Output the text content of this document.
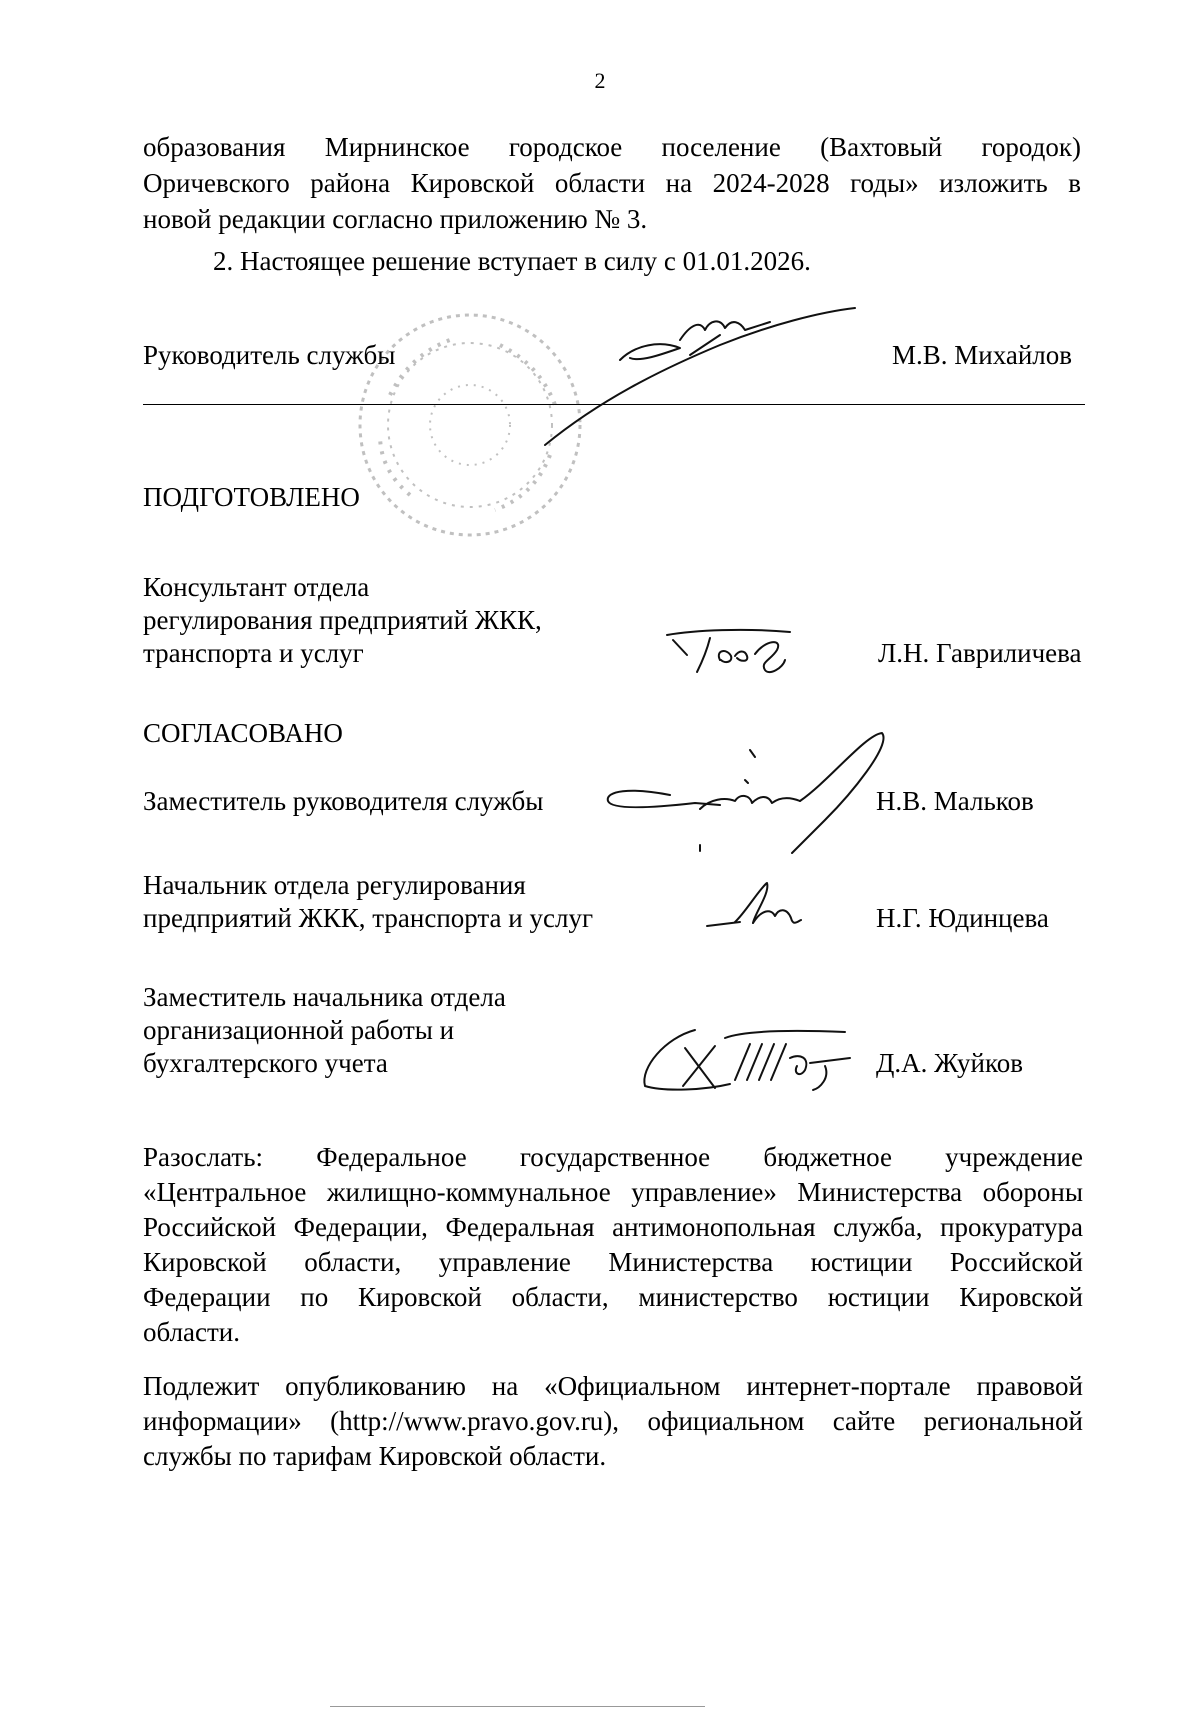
2
образования Мирнинское городское поселение (Вахтовый городок)
Оричевского района Кировской области на 2024-2028 годы» изложить в
новой редакции согласно приложению № 3.
2. Настоящее решение вступает в силу с 01.01.2026.
Руководитель службы	М.В. Михайлов
ПОДГОТОВЛЕНО
Консультант отдела
регулирования предприятий ЖКК,
транспорта и услуг	Л.Н. Гавриличева
СОГЛАСОВАНО
Заместитель руководителя службы	Н.В. Мальков
Начальник отдела регулирования
предприятий ЖКК, транспорта и услуг	Н.Г. Юдинцева
Заместитель начальника отдела
организационной работы и
бухгалтерского учета	Д.А. Жуйков
Разослать: Федеральное государственное бюджетное учреждение
«Центральное жилищно-коммунальное управление» Министерства обороны
Российской Федерации, Федеральная антимонопольная служба, прокуратура
Кировской области, управление Министерства юстиции Российской
Федерации по Кировской области, министерство юстиции Кировской
области.
Подлежит опубликованию на «Официальном интернет-портале правовой
информации» (http://www.pravo.gov.ru), официальном сайте региональной
службы по тарифам Кировской области.
